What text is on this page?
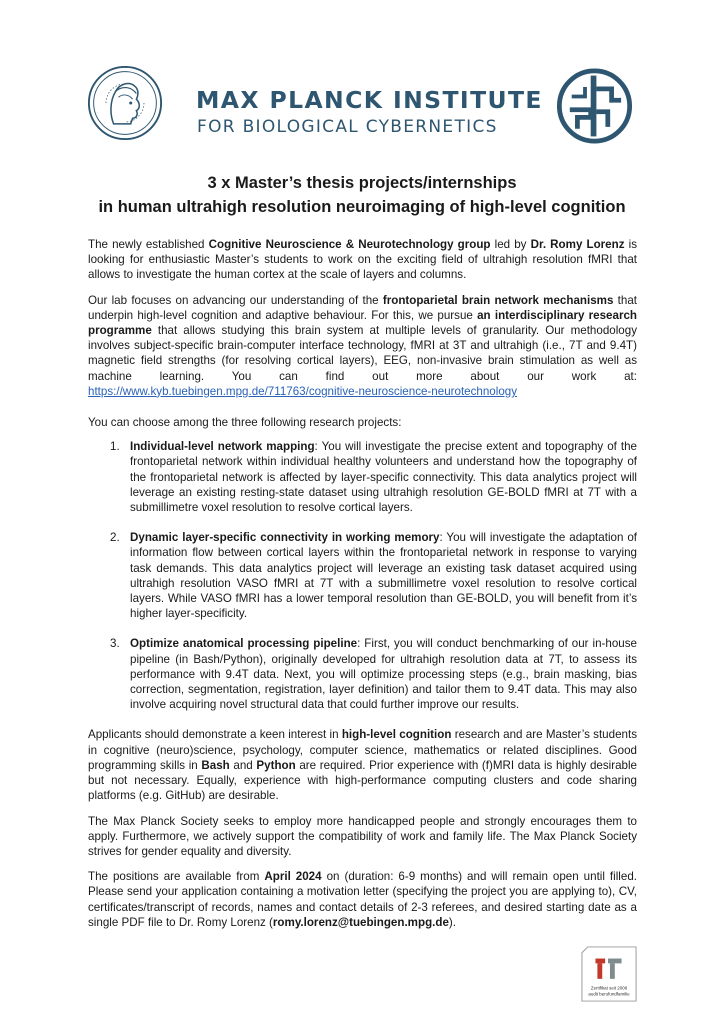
MAX PLANCK INSTITUTE
FOR BIOLOGICAL CYBERNETICS
3 x Master’s thesis projects/internships
in human ultrahigh resolution neuroimaging of high-level cognition

The newly established Cognitive Neuroscience & Neurotechnology group led by Dr. Romy Lorenz is looking for enthusiastic Master’s students to work on the exciting field of ultrahigh resolution fMRI that allows to investigate the human cortex at the scale of layers and columns.

Our lab focuses on advancing our understanding of the frontoparietal brain network mechanisms that underpin high-level cognition and adaptive behaviour. For this, we pursue an interdisciplinary research programme that allows studying this brain system at multiple levels of granularity. Our methodology involves subject-specific brain-computer interface technology, fMRI at 3T and ultrahigh (i.e., 7T and 9.4T) magnetic field strengths (for resolving cortical layers), EEG, non-invasive brain stimulation as well as machine learning. You can find out more about our work at: https://www.kyb.tuebingen.mpg.de/711763/cognitive-neuroscience-neurotechnology

You can choose among the three following research projects:

1. Individual-level network mapping: You will investigate the precise extent and topography of the frontoparietal network within individual healthy volunteers and understand how the topography of the frontoparietal network is affected by layer-specific connectivity. This data analytics project will leverage an existing resting-state dataset using ultrahigh resolution GE-BOLD fMRI at 7T with a submillimetre voxel resolution to resolve cortical layers.
2. Dynamic layer-specific connectivity in working memory: You will investigate the adaptation of information flow between cortical layers within the frontoparietal network in response to varying task demands. This data analytics project will leverage an existing task dataset acquired using ultrahigh resolution VASO fMRI at 7T with a submillimetre voxel resolution to resolve cortical layers. While VASO fMRI has a lower temporal resolution than GE-BOLD, you will benefit from it’s higher layer-specificity.
3. Optimize anatomical processing pipeline: First, you will conduct benchmarking of our in-house pipeline (in Bash/Python), originally developed for ultrahigh resolution data at 7T, to assess its performance with 9.4T data. Next, you will optimize processing steps (e.g., brain masking, bias correction, segmentation, registration, layer definition) and tailor them to 9.4T data. This may also involve acquiring novel structural data that could further improve our results.

Applicants should demonstrate a keen interest in high-level cognition research and are Master’s students in cognitive (neuro)science, psychology, computer science, mathematics or related disciplines. Good programming skills in Bash and Python are required. Prior experience with (f)MRI data is highly desirable but not necessary. Equally, experience with high-performance computing clusters and code sharing platforms (e.g. GitHub) are desirable.

The Max Planck Society seeks to employ more handicapped people and strongly encourages them to apply. Furthermore, we actively support the compatibility of work and family life. The Max Planck Society strives for gender equality and diversity.

The positions are available from April 2024 on (duration: 6-9 months) and will remain open until filled. Please send your application containing a motivation letter (specifying the project you are applying to), CV, certificates/transcript of records, names and contact details of 2-3 referees, and desired starting date as a single PDF file to Dr. Romy Lorenz (romy.lorenz@tuebingen.mpg.de).

Zertifikat seit 2008
audit berufundfamilie
